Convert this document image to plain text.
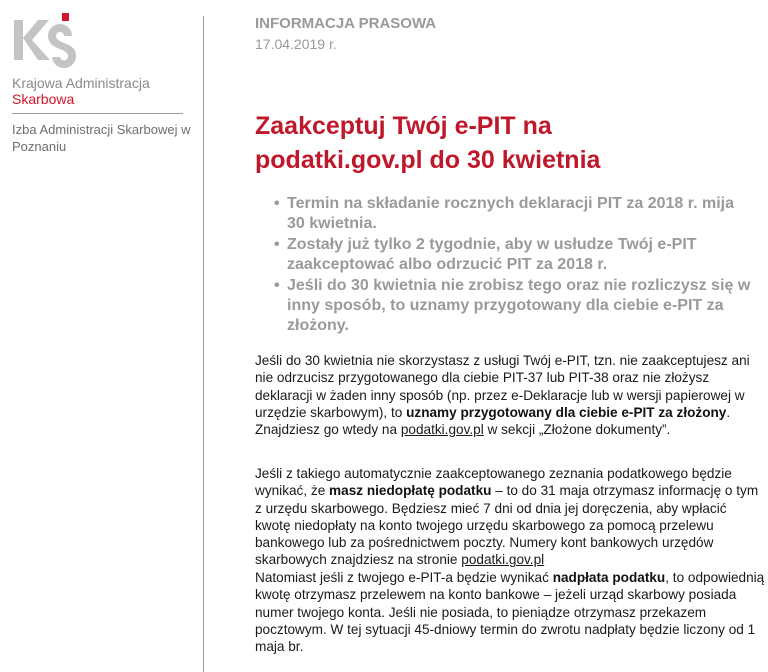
Krajowa Administracja
Skarbowa
Izba Administracji Skarbowej w Poznaniu
INFORMACJA PRASOWA
17.04.2019 r.
Zaakceptuj Twój e-PIT na podatki.gov.pl do 30 kwietnia
• Termin na składanie rocznych deklaracji PIT za 2018 r. mija 30 kwietnia.
• Zostały już tylko 2 tygodnie, aby w usłudze Twój e-PIT zaakceptować albo odrzucić PIT za 2018 r.
• Jeśli do 30 kwietnia nie zrobisz tego oraz nie rozliczysz się w inny sposób, to uznamy przygotowany dla ciebie e-PIT za złożony.

Jeśli do 30 kwietnia nie skorzystasz z usługi Twój e-PIT, tzn. nie zaakceptujesz ani nie odrzucisz przygotowanego dla ciebie PIT-37 lub PIT-38 oraz nie złożysz deklaracji w żaden inny sposób (np. przez e-Deklaracje lub w wersji papierowej w urzędzie skarbowym), to uznamy przygotowany dla ciebie e-PIT za złożony. Znajdziesz go wtedy na podatki.gov.pl w sekcji „Złożone dokumenty”.

Jeśli z takiego automatycznie zaakceptowanego zeznania podatkowego będzie wynikać, że masz niedopłatę podatku – to do 31 maja otrzymasz informację o tym z urzędu skarbowego. Będziesz mieć 7 dni od dnia jej doręczenia, aby wpłacić kwotę niedopłaty na konto twojego urzędu skarbowego za pomocą przelewu bankowego lub za pośrednictwem poczty. Numery kont bankowych urzędów skarbowych znajdziesz na stronie podatki.gov.pl

Natomiast jeśli z twojego e-PIT-a będzie wynikać nadpłata podatku, to odpowiednią kwotę otrzymasz przelewem na konto bankowe – jeżeli urząd skarbowy posiada numer twojego konta. Jeśli nie posiada, to pieniądze otrzymasz przekazem pocztowym. W tej sytuacji 45-dniowy termin do zwrotu nadpłaty będzie liczony od 1 maja br.
